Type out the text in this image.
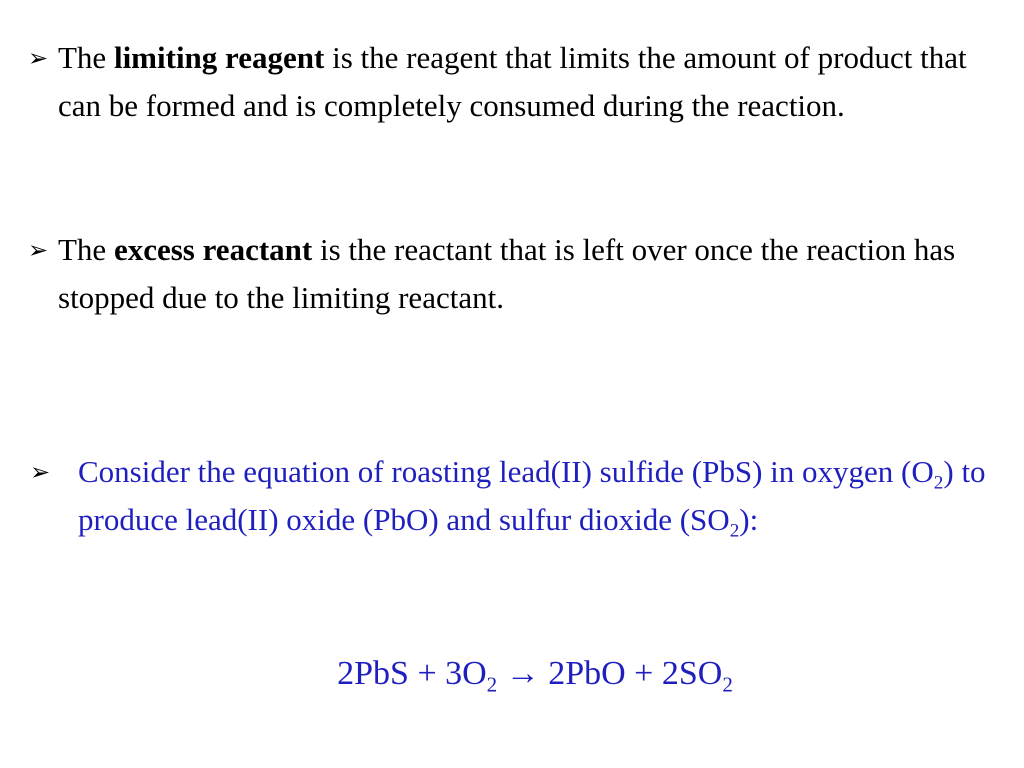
➢ The limiting reagent is the reagent that limits the amount of product that can be formed and is completely consumed during the reaction.
➢ The excess reactant is the reactant that is left over once the reaction has stopped due to the limiting reactant.
➢ Consider the equation of roasting lead(II) sulfide (PbS) in oxygen $(O_2)$ to produce lead(II) oxide (PbO) and sulfur dioxide $(SO_2)$:
$2PbS + 3O_2 \to 2PbO + 2SO_2$
